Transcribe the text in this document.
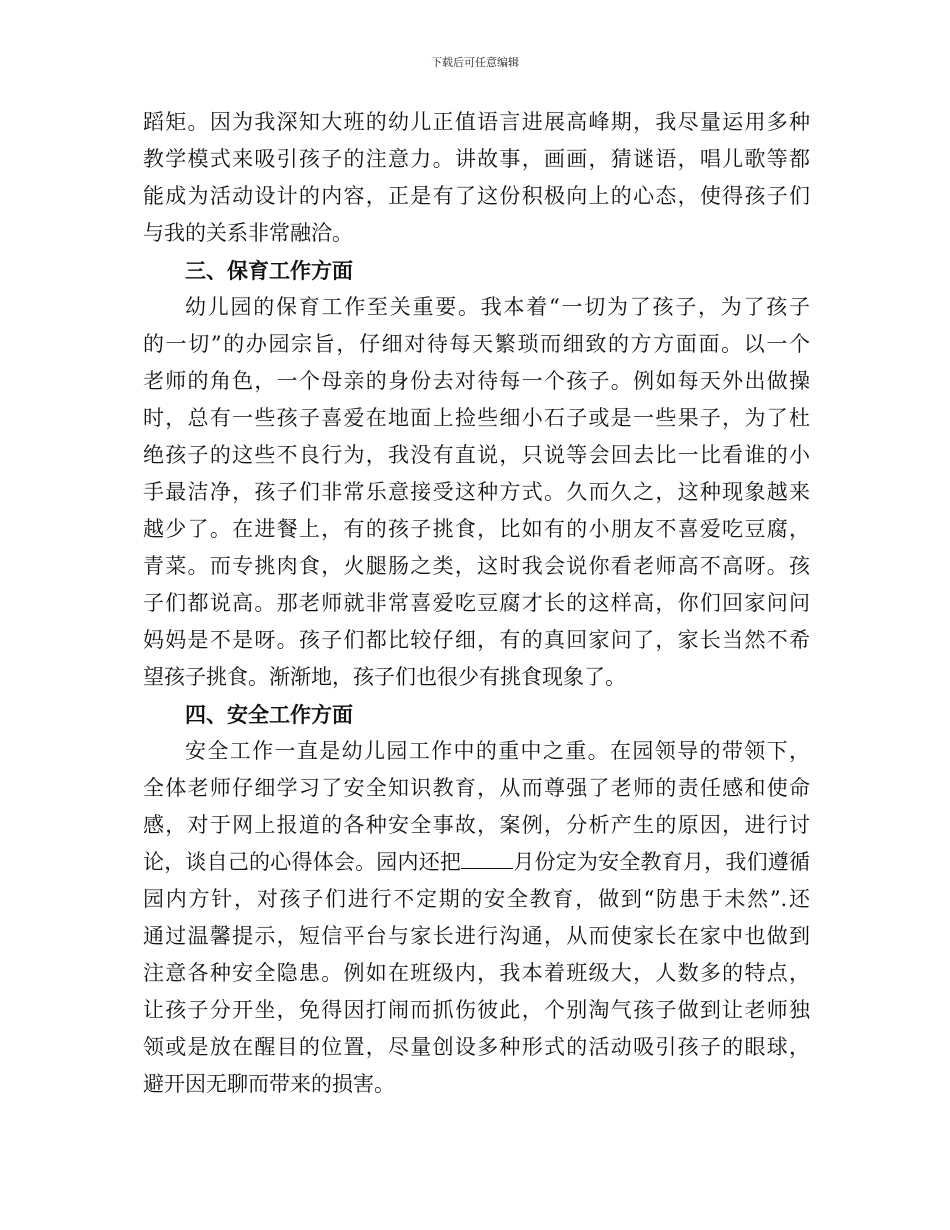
下载后可任意编辑
蹈矩。因为我深知大班的幼儿正值语言进展高峰期，我尽量运用多种
教学模式来吸引孩子的注意力。讲故事，画画，猜谜语，唱儿歌等都
能成为活动设计的内容，正是有了这份积极向上的心态，使得孩子们
与我的关系非常融洽。
三、保育工作方面
幼儿园的保育工作至关重要。我本着“一切为了孩子，为了孩子
的一切”的办园宗旨，仔细对待每天繁琐而细致的方方面面。以一个
老师的角色，一个母亲的身份去对待每一个孩子。例如每天外出做操
时，总有一些孩子喜爱在地面上捡些细小石子或是一些果子，为了杜
绝孩子的这些不良行为，我没有直说，只说等会回去比一比看谁的小
手最洁净，孩子们非常乐意接受这种方式。久而久之，这种现象越来
越少了。在进餐上，有的孩子挑食，比如有的小朋友不喜爱吃豆腐，
青菜。而专挑肉食，火腿肠之类，这时我会说你看老师高不高呀。孩
子们都说高。那老师就非常喜爱吃豆腐才长的这样高，你们回家问问
妈妈是不是呀。孩子们都比较仔细，有的真回家问了，家长当然不希
望孩子挑食。渐渐地，孩子们也很少有挑食现象了。
四、安全工作方面
安全工作一直是幼儿园工作中的重中之重。在园领导的带领下，
全体老师仔细学习了安全知识教育，从而尊强了老师的责任感和使命
感，对于网上报道的各种安全事故，案例，分析产生的原因，进行讨
论，谈自己的心得体会。园内还把 月份定为安全教育月，我们遵循
园内方针，对孩子们进行不定期的安全教育，做到“防患于未然”.还
通过温馨提示，短信平台与家长进行沟通，从而使家长在家中也做到
注意各种安全隐患。例如在班级内，我本着班级大，人数多的特点，
让孩子分开坐，免得因打闹而抓伤彼此，个别淘气孩子做到让老师独
领或是放在醒目的位置，尽量创设多种形式的活动吸引孩子的眼球，
避开因无聊而带来的损害。
